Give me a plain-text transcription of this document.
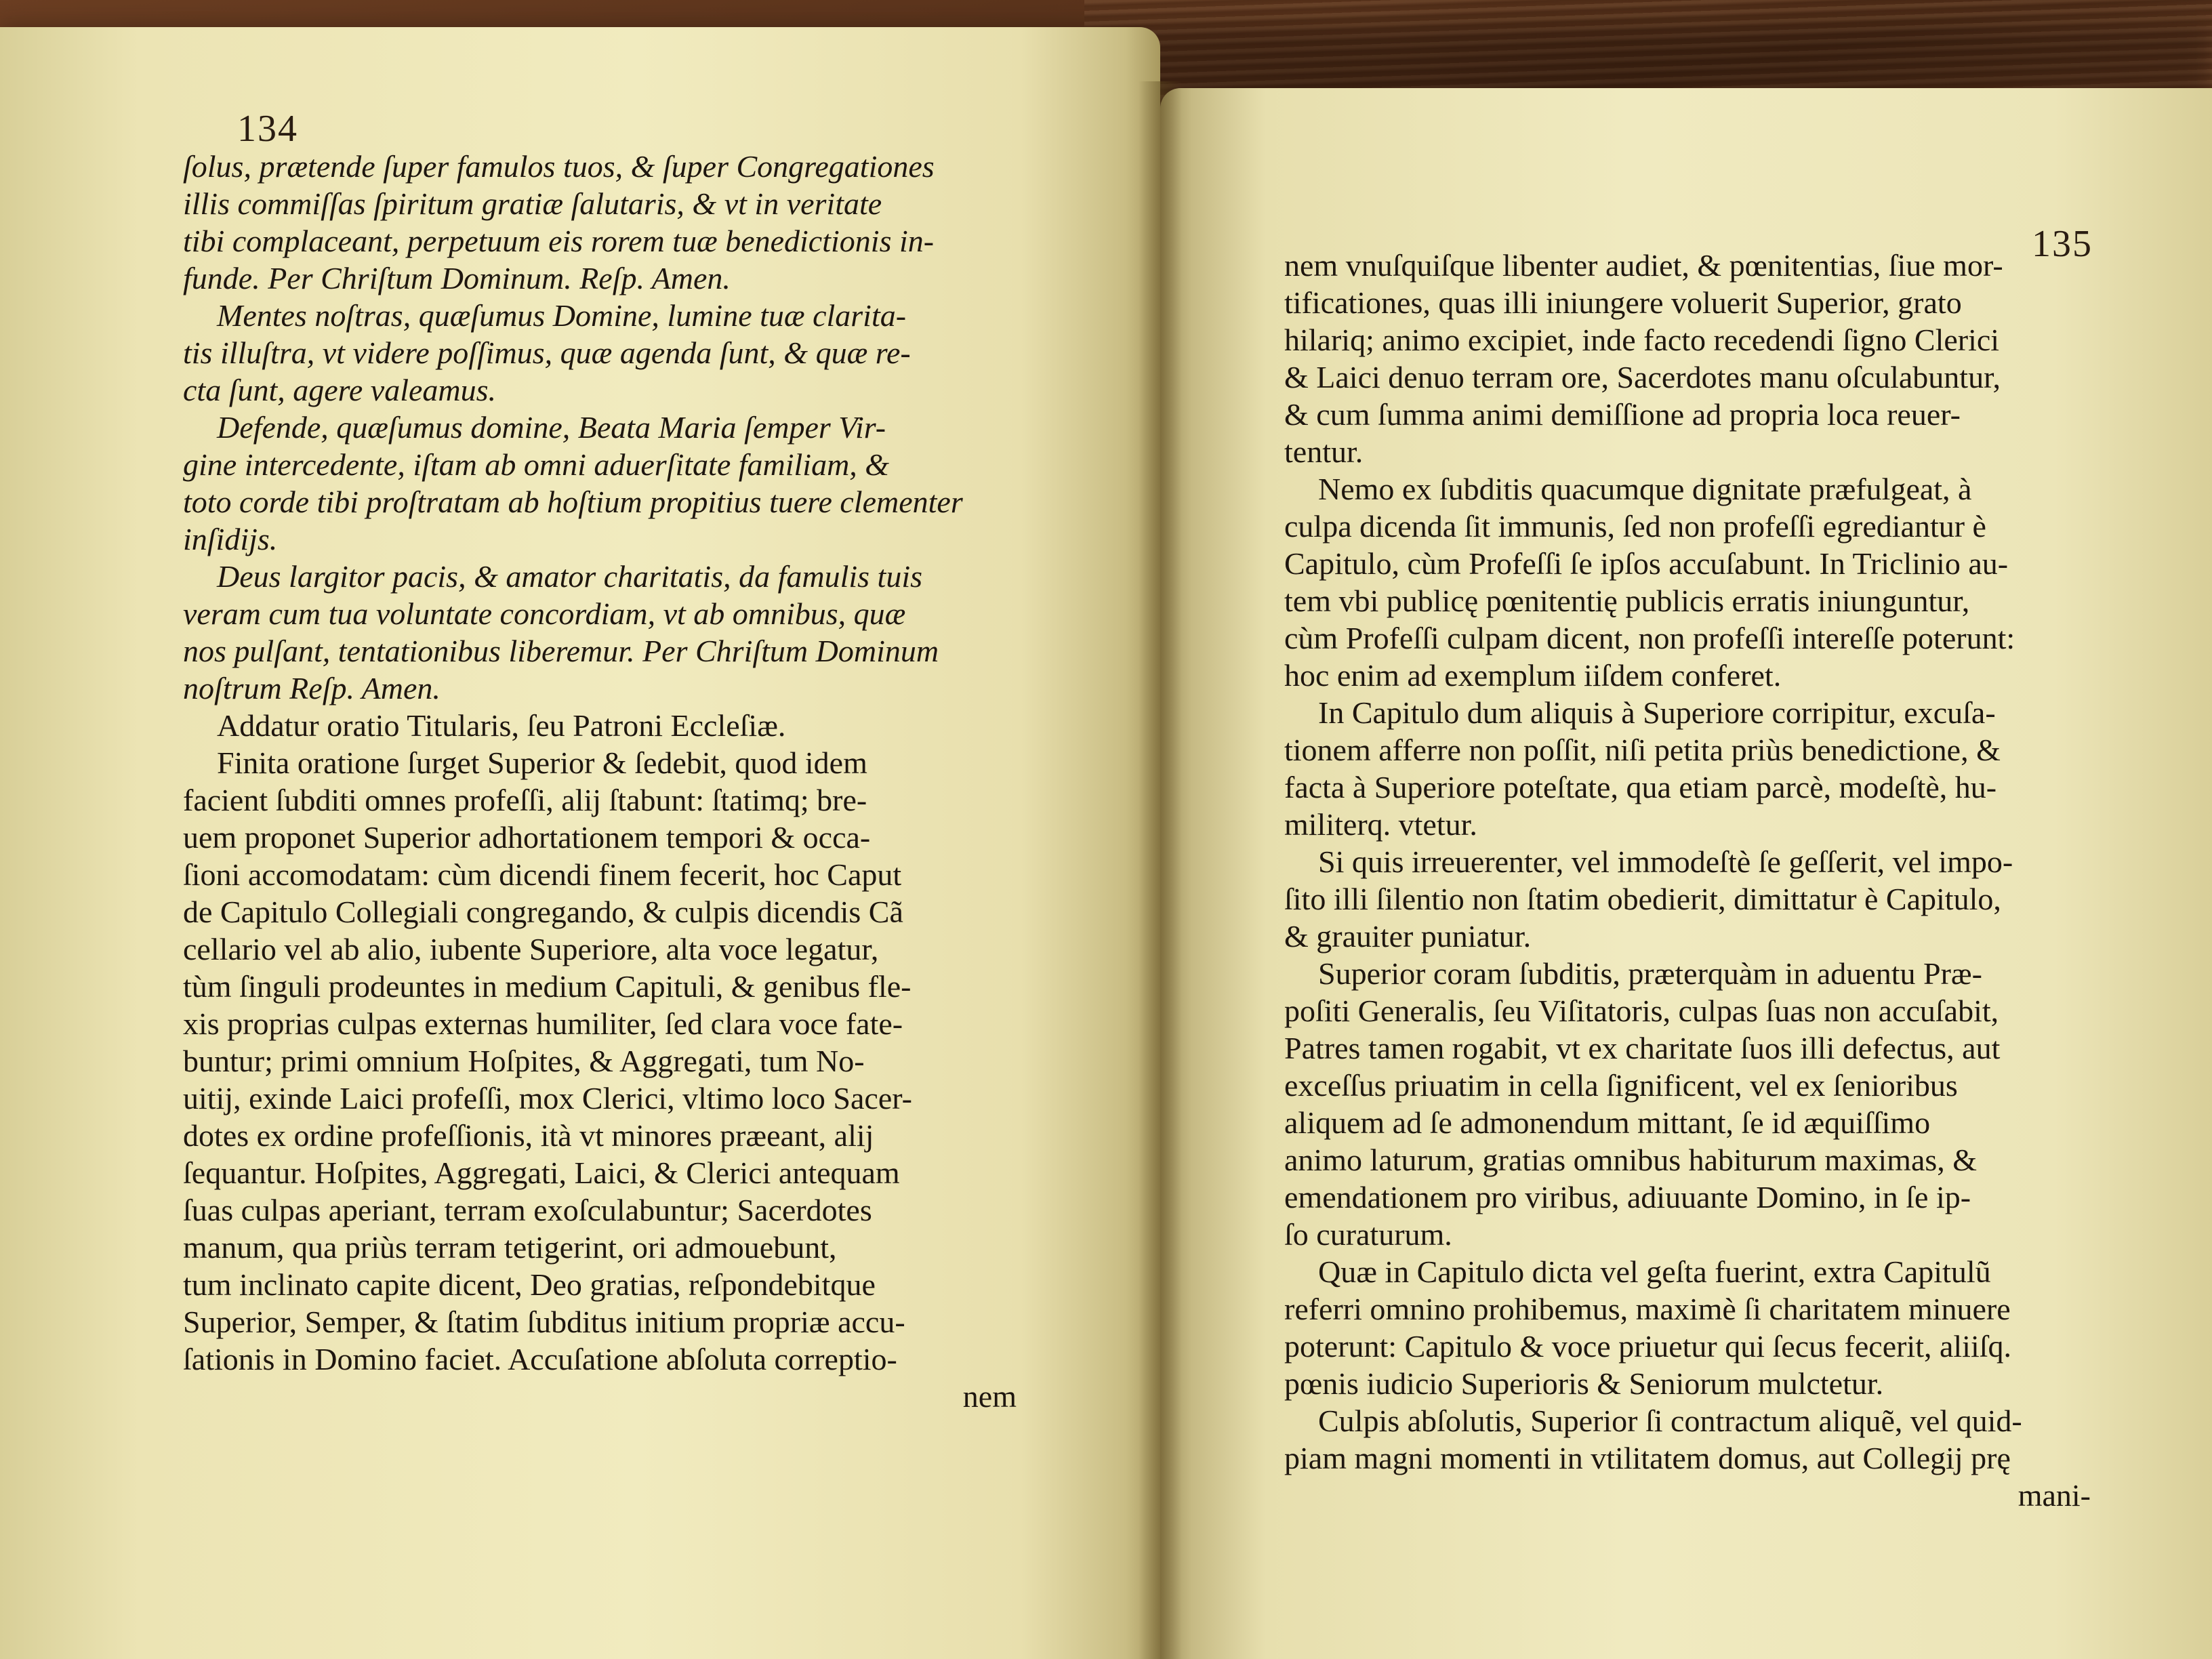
134
ſolus, prætende ſuper famulos tuos, & ſuper Congregationes
illis commiſſas ſpiritum gratiæ ſalutaris, & vt in veritate
tibi complaceant, perpetuum eis rorem tuæ benedictionis in-
funde. Per Chriſtum Dominum. Reſp. Amen.
Mentes noſtras, quæſumus Domine, lumine tuæ clarita-
tis illuſtra, vt videre poſſimus, quæ agenda ſunt, & quæ re-
cta ſunt, agere valeamus.
Defende, quæſumus domine, Beata Maria ſemper Vir-
gine intercedente, iſtam ab omni aduerſitate familiam, &
toto corde tibi proſtratam ab hoſtium propitius tuere clementer
inſidijs.
Deus largitor pacis, & amator charitatis, da famulis tuis
veram cum tua voluntate concordiam, vt ab omnibus, quæ
nos pulſant, tentationibus liberemur. Per Chriſtum Dominum
noſtrum Reſp. Amen.
Addatur oratio Titularis, ſeu Patroni Eccleſiæ.
Finita oratione ſurget Superior & ſedebit, quod idem
facient ſubditi omnes profeſſi, alij ſtabunt: ſtatimq; bre-
uem proponet Superior adhortationem tempori & occa-
ſioni accomodatam: cùm dicendi finem fecerit, hoc Caput
de Capitulo Collegiali congregando, & culpis dicendis Cã
cellario vel ab alio, iubente Superiore, alta voce legatur,
tùm ſinguli prodeuntes in medium Capituli, & genibus fle-
xis proprias culpas externas humiliter, ſed clara voce fate-
buntur; primi omnium Hoſpites, & Aggregati, tum No-
uitij, exinde Laici profeſſi, mox Clerici, vltimo loco Sacer-
dotes ex ordine profeſſionis, ità vt minores præeant, alij
ſequantur. Hoſpites, Aggregati, Laici, & Clerici antequam
ſuas culpas aperiant, terram exoſculabuntur; Sacerdotes
manum, qua priùs terram tetigerint, ori admouebunt,
tum inclinato capite dicent, Deo gratias, reſpondebitque
Superior, Semper, & ſtatim ſubditus initium propriæ accu-
ſationis in Domino faciet. Accuſatione abſoluta correptio-
nem
135
nem vnuſquiſque libenter audiet, & pœnitentias, ſiue mor-
tificationes, quas illi iniungere voluerit Superior, grato
hilariq; animo excipiet, inde facto recedendi ſigno Clerici
& Laici denuo terram ore, Sacerdotes manu oſculabuntur,
& cum ſumma animi demiſſione ad propria loca reuer-
tentur.
Nemo ex ſubditis quacumque dignitate præfulgeat, à
culpa dicenda ſit immunis, ſed non profeſſi egrediantur è
Capitulo, cùm Profeſſi ſe ipſos accuſabunt. In Triclinio au-
tem vbi publicę pœnitentię publicis erratis iniunguntur,
cùm Profeſſi culpam dicent, non profeſſi intereſſe poterunt:
hoc enim ad exemplum iiſdem conferet.
In Capitulo dum aliquis à Superiore corripitur, excuſa-
tionem afferre non poſſit, niſi petita priùs benedictione, &
facta à Superiore poteſtate, qua etiam parcè, modeſtè, hu-
militerq. vtetur.
Si quis irreuerenter, vel immodeſtè ſe geſſerit, vel impo-
ſito illi ſilentio non ſtatim obedierit, dimittatur è Capitulo,
& grauiter puniatur.
Superior coram ſubditis, præterquàm in aduentu Præ-
poſiti Generalis, ſeu Viſitatoris, culpas ſuas non accuſabit,
Patres tamen rogabit, vt ex charitate ſuos illi defectus, aut
exceſſus priuatim in cella ſignificent, vel ex ſenioribus
aliquem ad ſe admonendum mittant, ſe id æquiſſimo
animo laturum, gratias omnibus habiturum maximas, &
emendationem pro viribus, adiuuante Domino, in ſe ip-
ſo curaturum.
Quæ in Capitulo dicta vel geſta fuerint, extra Capitulũ
referri omnino prohibemus, maximè ſi charitatem minuere
poterunt: Capitulo & voce priuetur qui ſecus fecerit, aliiſq.
pœnis iudicio Superioris & Seniorum mulctetur.
Culpis abſolutis, Superior ſi contractum aliquẽ, vel quid-
piam magni momenti in vtilitatem domus, aut Collegij prę
mani-
